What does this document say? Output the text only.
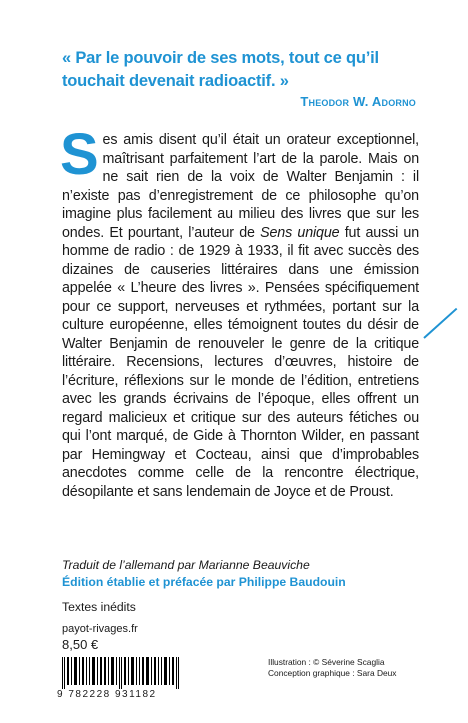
« Par le pouvoir de ses mots, tout ce qu’il touchait devenait radioactif. »
Theodor W. Adorno
Ses amis disent qu’il était un orateur exceptionnel, maîtrisant parfaitement l’art de la parole. Mais on ne sait rien de la voix de Walter Benjamin : il n’existe pas d’enregistrement de ce philosophe qu’on imagine plus facilement au milieu des livres que sur les ondes. Et pourtant, l’auteur de Sens unique fut aussi un homme de radio : de 1929 à 1933, il fit avec succès des dizaines de causeries littéraires dans une émission appelée « L’heure des livres ». Pensées spécifiquement pour ce support, nerveuses et rythmées, portant sur la culture européenne, elles témoignent toutes du désir de Walter Benjamin de renouveler le genre de la critique littéraire. Recensions, lectures d’œuvres, histoire de l’écriture, réflexions sur le monde de l’édition, entretiens avec les grands écrivains de l’époque, elles offrent un regard malicieux et critique sur des auteurs fétiches ou qui l’ont marqué, de Gide à Thornton Wilder, en passant par Hemingway et Cocteau, ainsi que d’improbables anecdotes comme celle de la rencontre électrique, désopilante et sans lendemain de Joyce et de Proust.
Traduit de l’allemand par Marianne Beauviche
Édition établie et préfacée par Philippe Baudouin
Textes inédits
payot-rivages.fr
8,50 €
9 782228 931182
Illustration : © Séverine Scaglia
Conception graphique : Sara Deux
